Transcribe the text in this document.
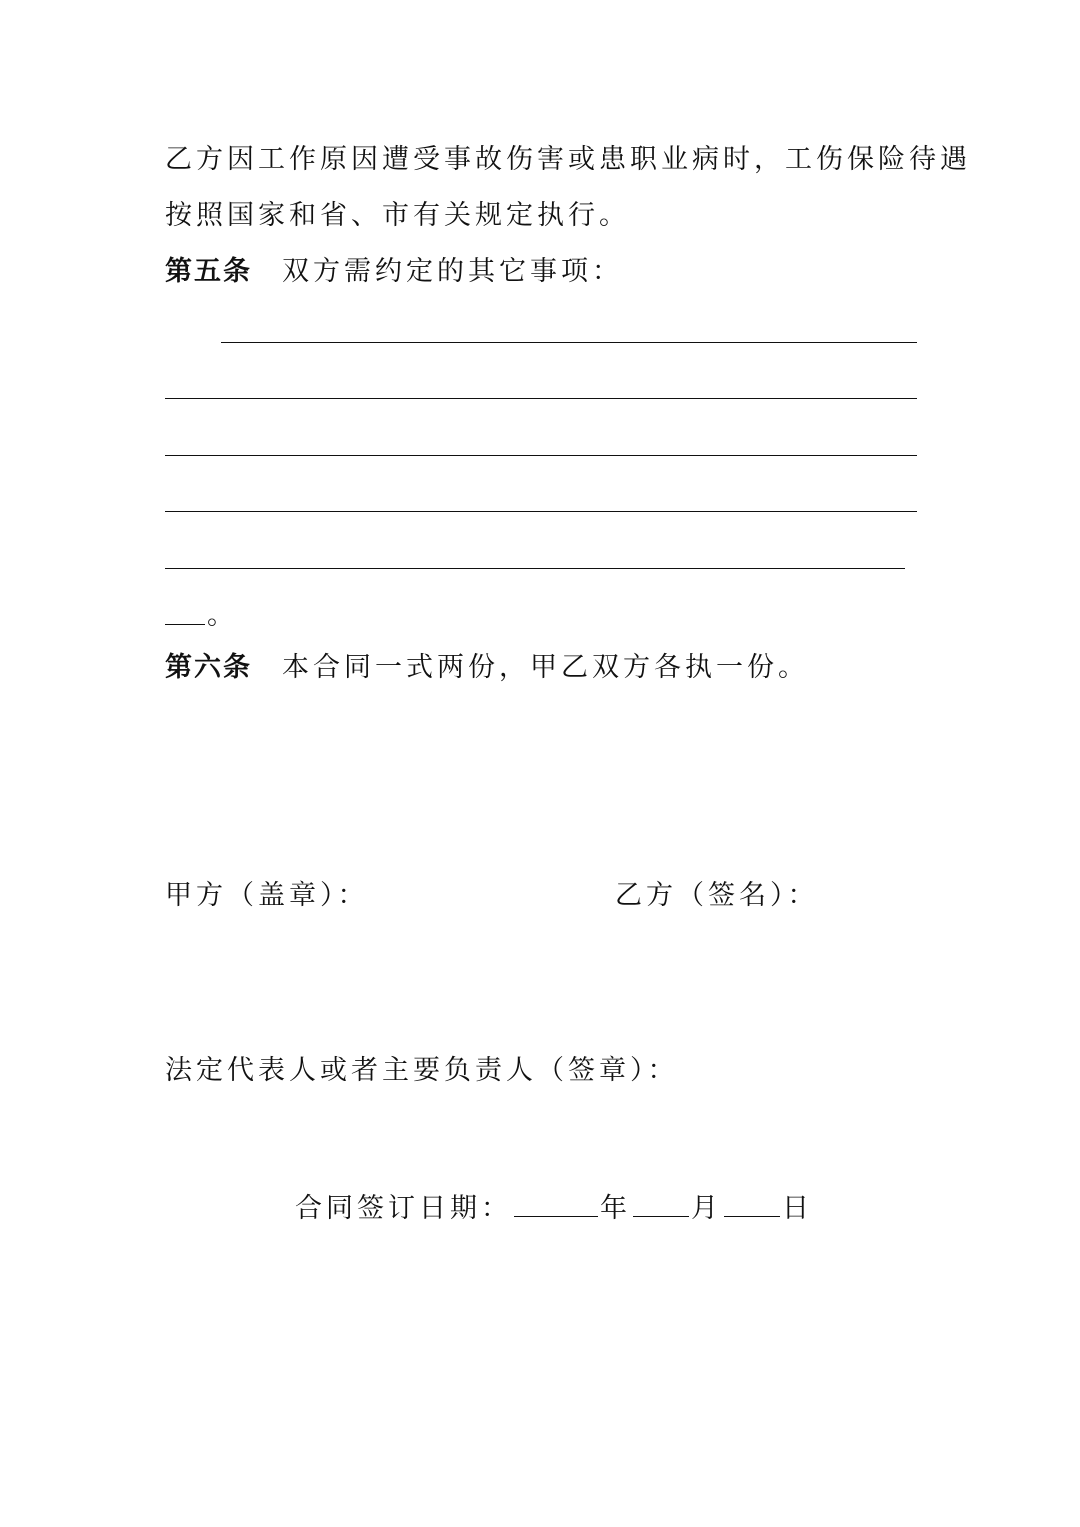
乙方因工作原因遭受事故伤害或患职业病时，工伤保险待遇
按照国家和省、市有关规定执行。
第五条 双方需约定的其它事项：
。
第六条 本合同一式两份，甲乙双方各执一份。
甲方（盖章）：	乙方（签名）：
法定代表人或者主要负责人（签章）：
合同签订日期：	年 月 日
